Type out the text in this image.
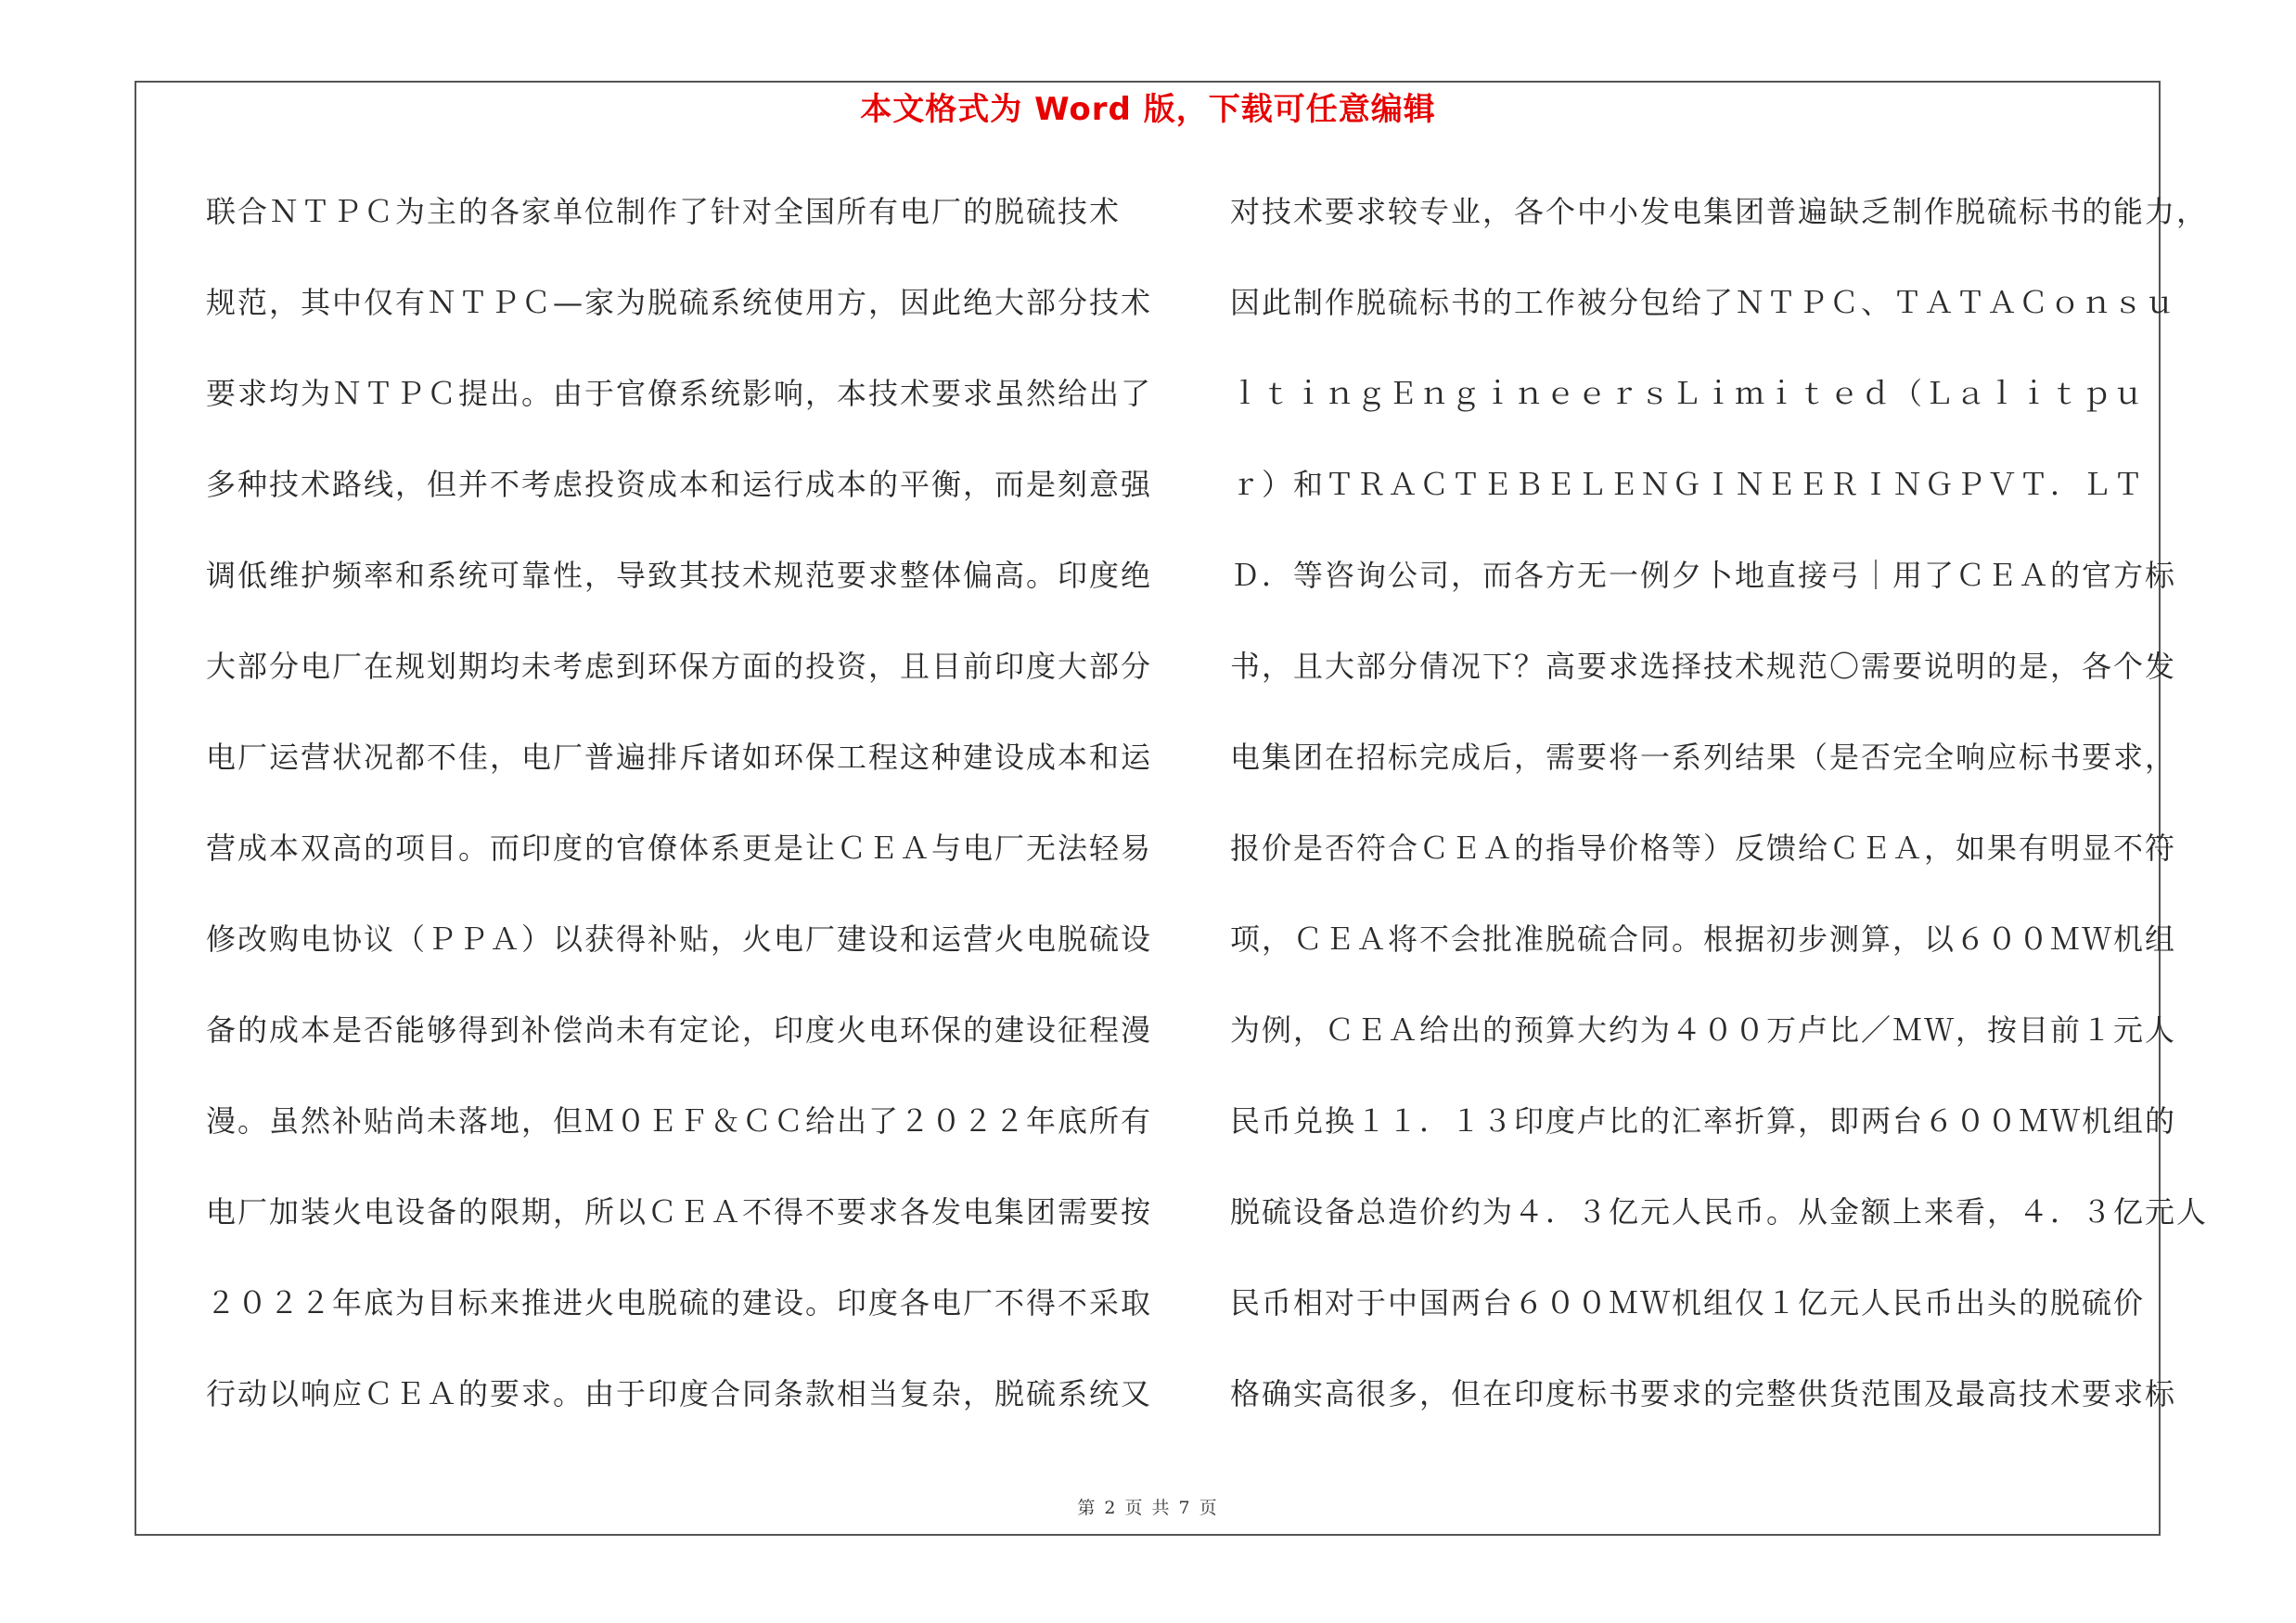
本文格式为 Word 版，下载可任意编辑
联合ＮＴＰＣ为主的各家单位制作了针对全国所有电厂的脱硫技术
规范，其中仅有ＮＴＰＣ—家为脱硫系统使用方，因此绝大部分技术
要求均为ＮＴＰＣ提出。由于官僚系统影响，本技术要求虽然给出了
多种技术路线，但并不考虑投资成本和运行成本的平衡，而是刻意强
调低维护频率和系统可靠性，导致其技术规范要求整体偏高。印度绝
大部分电厂在规划期均未考虑到环保方面的投资，且目前印度大部分
电厂运营状况都不佳，电厂普遍排斥诸如环保工程这种建设成本和运
营成本双高的项目。而印度的官僚体系更是让ＣＥＡ与电厂无法轻易
修改购电协议（ＰＰＡ）以获得补贴，火电厂建设和运营火电脱硫设
备的成本是否能够得到补偿尚未有定论，印度火电环保的建设征程漫
漫。虽然补贴尚未落地，但Ｍ０ＥＦ＆ＣＣ给出了２０２２年底所有
电厂加装火电设备的限期，所以ＣＥＡ不得不要求各发电集团需要按
２０２２年底为目标来推进火电脱硫的建设。印度各电厂不得不采取
行动以响应ＣＥＡ的要求。由于印度合同条款相当复杂，脱硫系统又
对技术要求较专业，各个中小发电集团普遍缺乏制作脱硫标书的能力，
因此制作脱硫标书的工作被分包给了ＮＴＰＣ、ＴＡＴＡＣｏｎｓｕ
ｌｔｉｎｇＥｎｇｉｎｅｅｒｓＬｉｍｉｔｅｄ（Ｌａｌｉｔｐｕ
ｒ）和ＴＲＡＣＴＥＢＥＬＥＮＧＩＮＥＥＲＩＮＧＰＶＴ．ＬＴ
Ｄ．等咨询公司，而各方无一例夕卜地直接弓｜用了ＣＥＡ的官方标
书，且大部分倩况下？高要求选择技术规范〇需要说明的是，各个发
电集团在招标完成后，需要将一系列结果（是否完全响应标书要求，
报价是否符合ＣＥＡ的指导价格等）反馈给ＣＥＡ，如果有明显不符
项，ＣＥＡ将不会批准脱硫合同。根据初步测算，以６００ＭＷ机组
为例，ＣＥＡ给出的预算大约为４００万卢比／ＭＷ，按目前１元人
民币兑换１１．１３印度卢比的汇率折算，即两台６００ＭＷ机组的
脱硫设备总造价约为４．３亿元人民币。从金额上来看，４．３亿元人
民币相对于中国两台６００ＭＷ机组仅１亿元人民币出头的脱硫价
格确实高很多，但在印度标书要求的完整供货范围及最高技术要求标
第 2 页 共 7 页
